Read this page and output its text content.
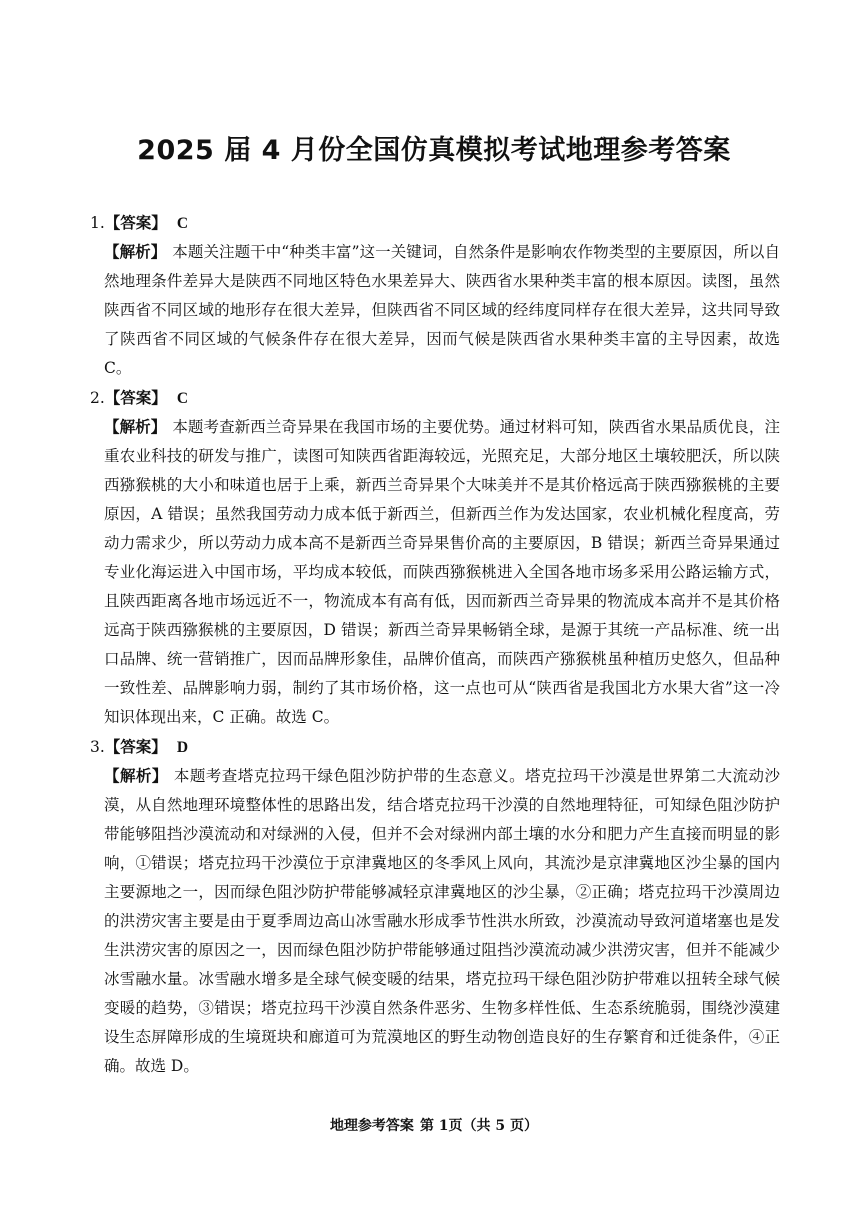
2025 届 4 月份全国仿真模拟考试地理参考答案
1.【答案】 C
【解析】 本题关注题干中“种类丰富”这一关键词，自然条件是影响农作物类型的主要原因，所以自然地理条件差异大是陕西不同地区特色水果差异大、陕西省水果种类丰富的根本原因。读图，虽然陕西省不同区域的地形存在很大差异，但陕西省不同区域的经纬度同样存在很大差异，这共同导致了陕西省不同区域的气候条件存在很大差异，因而气候是陕西省水果种类丰富的主导因素，故选 C。
2.【答案】 C
【解析】 本题考查新西兰奇异果在我国市场的主要优势。通过材料可知，陕西省水果品质优良，注重农业科技的研发与推广，读图可知陕西省距海较远，光照充足，大部分地区土壤较肥沃，所以陕西猕猴桃的大小和味道也居于上乘，新西兰奇异果个大味美并不是其价格远高于陕西猕猴桃的主要原因，A 错误；虽然我国劳动力成本低于新西兰，但新西兰作为发达国家，农业机械化程度高，劳动力需求少，所以劳动力成本高不是新西兰奇异果售价高的主要原因，B 错误；新西兰奇异果通过专业化海运进入中国市场，平均成本较低，而陕西猕猴桃进入全国各地市场多采用公路运输方式，且陕西距离各地市场远近不一，物流成本有高有低，因而新西兰奇异果的物流成本高并不是其价格远高于陕西猕猴桃的主要原因，D 错误；新西兰奇异果畅销全球，是源于其统一产品标准、统一出口品牌、统一营销推广，因而品牌形象佳，品牌价值高，而陕西产猕猴桃虽种植历史悠久，但品种一致性差、品牌影响力弱，制约了其市场价格，这一点也可从“陕西省是我国北方水果大省”这一冷知识体现出来，C 正确。故选 C。
3.【答案】 D
【解析】 本题考查塔克拉玛干绿色阻沙防护带的生态意义。塔克拉玛干沙漠是世界第二大流动沙漠，从自然地理环境整体性的思路出发，结合塔克拉玛干沙漠的自然地理特征，可知绿色阻沙防护带能够阻挡沙漠流动和对绿洲的入侵，但并不会对绿洲内部土壤的水分和肥力产生直接而明显的影响，①错误；塔克拉玛干沙漠位于京津冀地区的冬季风上风向，其流沙是京津冀地区沙尘暴的国内主要源地之一，因而绿色阻沙防护带能够减轻京津冀地区的沙尘暴，②正确；塔克拉玛干沙漠周边的洪涝灾害主要是由于夏季周边高山冰雪融水形成季节性洪水所致，沙漠流动导致河道堵塞也是发生洪涝灾害的原因之一，因而绿色阻沙防护带能够通过阻挡沙漠流动减少洪涝灾害，但并不能减少冰雪融水量。冰雪融水增多是全球气候变暖的结果，塔克拉玛干绿色阻沙防护带难以扭转全球气候变暖的趋势，③错误；塔克拉玛干沙漠自然条件恶劣、生物多样性低、生态系统脆弱，围绕沙漠建设生态屏障形成的生境斑块和廊道可为荒漠地区的野生动物创造良好的生存繁育和迁徙条件，④正确。故选 D。
地理参考答案 第 1页（共 5 页）
